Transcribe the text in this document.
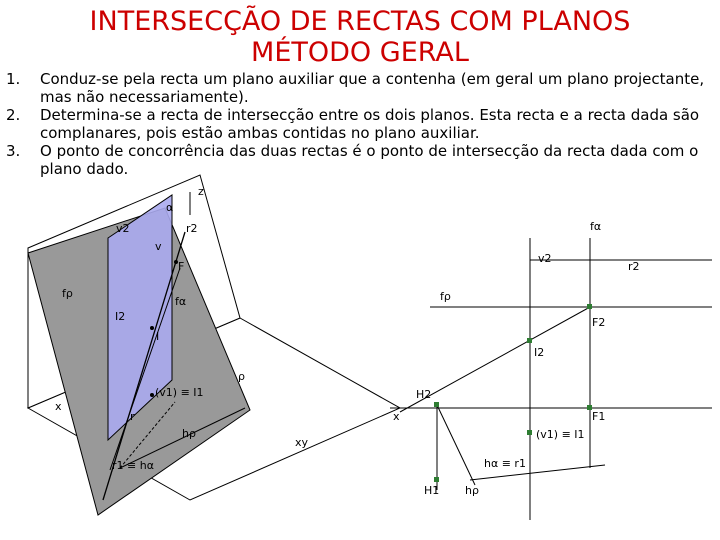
INTERSECÇÃO DE RECTAS COM PLANOS
MÉTODO GERAL
1. Conduz-se pela recta um plano auxiliar que a contenha (em geral um plano projectante, mas não necessariamente).
2. Determina-se a recta de intersecção entre os dois planos. Esta recta e a recta dada são complanares, pois estão ambas contidas no plano auxiliar.
3. O ponto de concorrência das duas rectas é o ponto de intersecção da recta dada com o plano dado.
z
α
v2	r2
v
F
fρ
fα
I2
I
x
ρ
(v1) ≡ I1
r
hρ
r1 ≡ hα
fα
v2
r2
fρ
F2
I2
H2
x	F1
xy
(v1) ≡ I1
hα ≡ r1
H1 hρ
